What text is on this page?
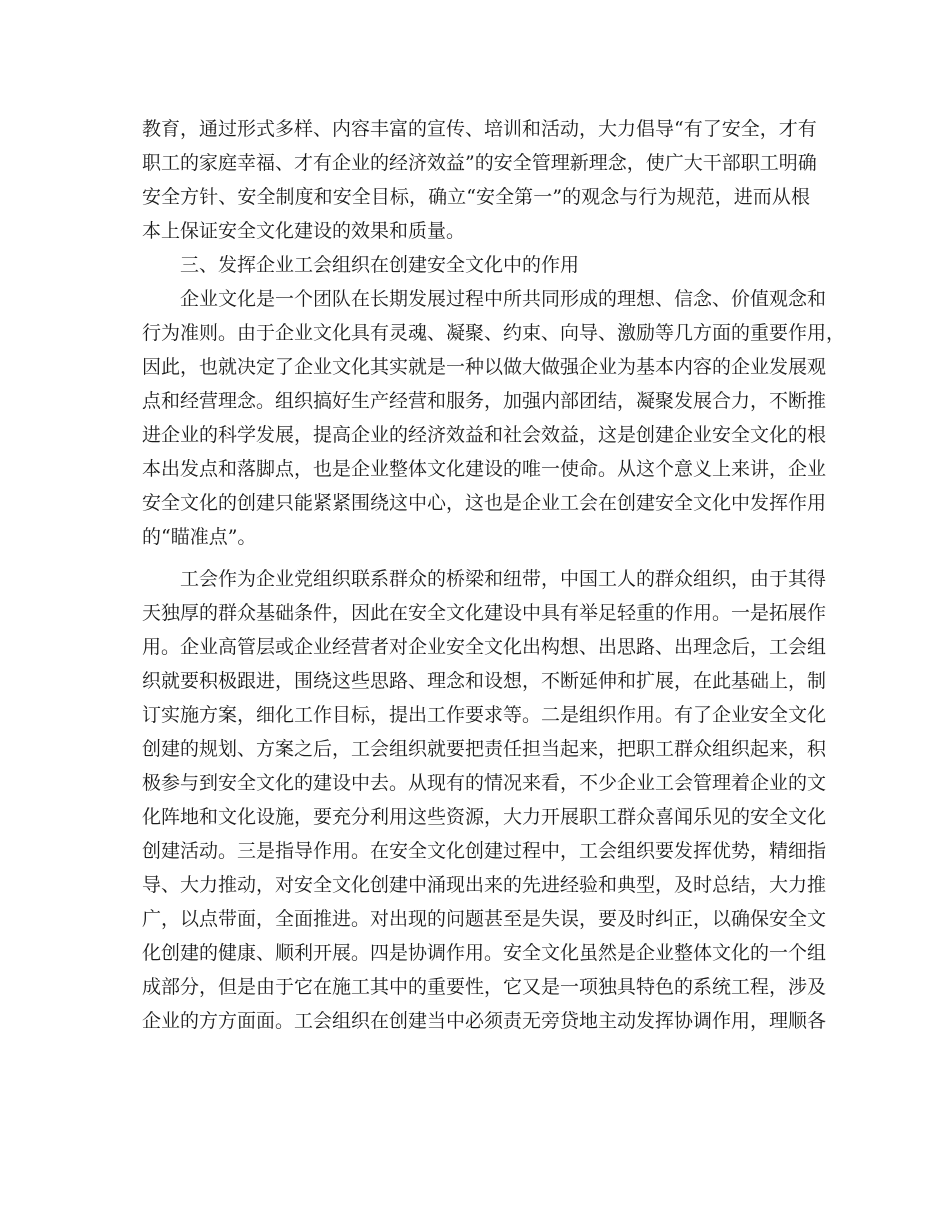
教育，通过形式多样、内容丰富的宣传、培训和活动，大力倡导“有了安全，才有
职工的家庭幸福、才有企业的经济效益”的安全管理新理念，使广大干部职工明确
安全方针、安全制度和安全目标，确立“安全第一”的观念与行为规范，进而从根
本上保证安全文化建设的效果和质量。
三、发挥企业工会组织在创建安全文化中的作用
企业文化是一个团队在长期发展过程中所共同形成的理想、信念、价值观念和
行为准则。由于企业文化具有灵魂、凝聚、约束、向导、激励等几方面的重要作用，
因此，也就决定了企业文化其实就是一种以做大做强企业为基本内容的企业发展观
点和经营理念。组织搞好生产经营和服务，加强内部团结，凝聚发展合力，不断推
进企业的科学发展，提高企业的经济效益和社会效益，这是创建企业安全文化的根
本出发点和落脚点，也是企业整体文化建设的唯一使命。从这个意义上来讲，企业
安全文化的创建只能紧紧围绕这中心，这也是企业工会在创建安全文化中发挥作用
的“瞄准点”。
工会作为企业党组织联系群众的桥梁和纽带，中国工人的群众组织，由于其得
天独厚的群众基础条件，因此在安全文化建设中具有举足轻重的作用。一是拓展作
用。企业高管层或企业经营者对企业安全文化出构想、出思路、出理念后，工会组
织就要积极跟进，围绕这些思路、理念和设想，不断延伸和扩展，在此基础上，制
订实施方案，细化工作目标，提出工作要求等。二是组织作用。有了企业安全文化
创建的规划、方案之后，工会组织就要把责任担当起来，把职工群众组织起来，积
极参与到安全文化的建设中去。从现有的情况来看，不少企业工会管理着企业的文
化阵地和文化设施，要充分利用这些资源，大力开展职工群众喜闻乐见的安全文化
创建活动。三是指导作用。在安全文化创建过程中，工会组织要发挥优势，精细指
导、大力推动，对安全文化创建中涌现出来的先进经验和典型，及时总结，大力推
广，以点带面，全面推进。对出现的问题甚至是失误，要及时纠正，以确保安全文
化创建的健康、顺利开展。四是协调作用。安全文化虽然是企业整体文化的一个组
成部分，但是由于它在施工其中的重要性，它又是一项独具特色的系统工程，涉及
企业的方方面面。工会组织在创建当中必须责无旁贷地主动发挥协调作用，理顺各
